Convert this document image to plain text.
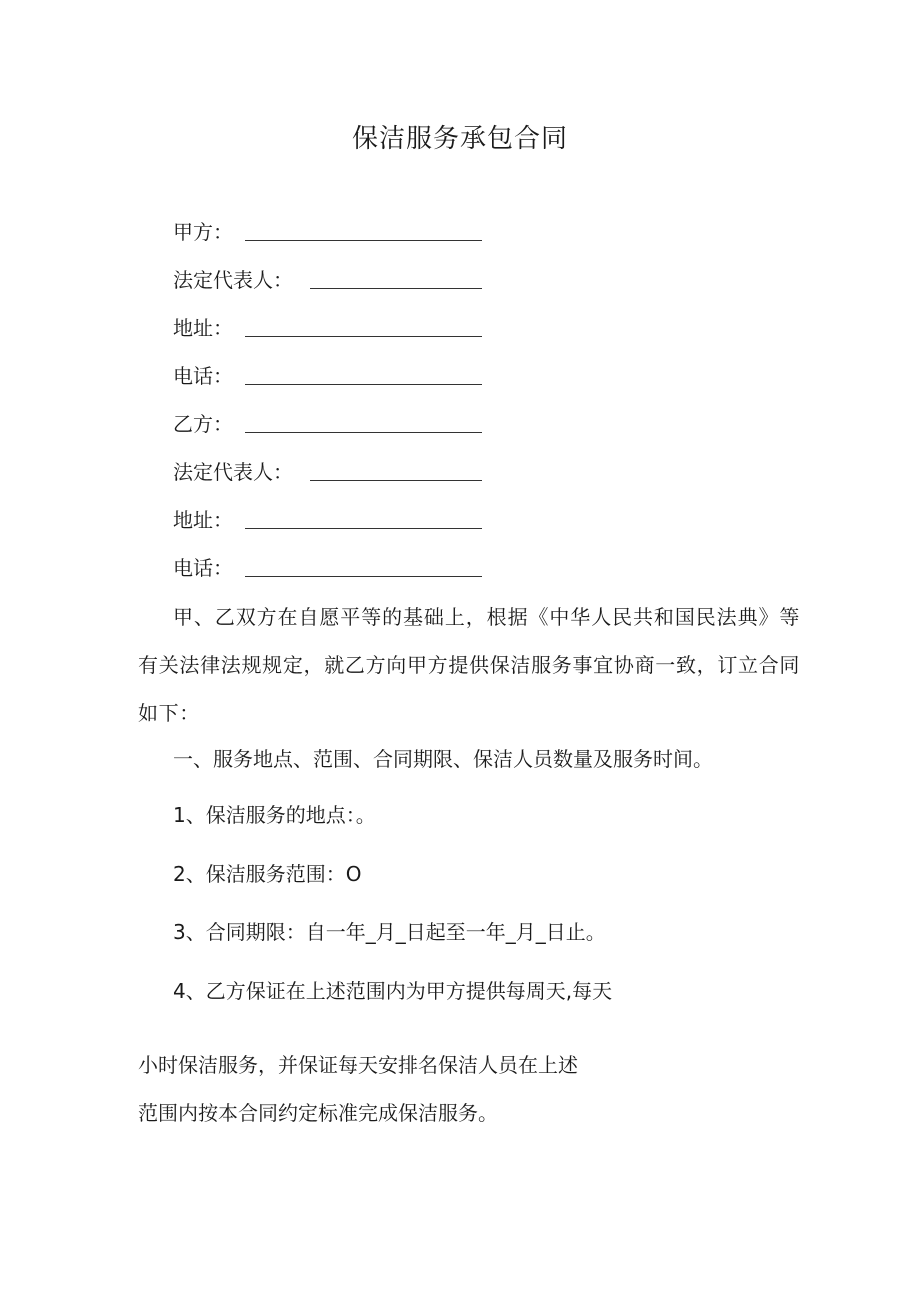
保洁服务承包合同
甲方：
法定代表人：
地址：
电话：
乙方：
法定代表人：
地址：
电话：
甲、乙双方在自愿平等的基础上，根据《中华人民共和国民法典》等有关法律法规规定，就乙方向甲方提供保洁服务事宜协商一致，订立合同如下：
一、服务地点、范围、合同期限、保洁人员数量及服务时间。
1、保洁服务的地点：。
2、保洁服务范围：O
3、合同期限：自一年_月_日起至一年_月_日止。
4、乙方保证在上述范围内为甲方提供每周天,每天
小时保洁服务，并保证每天安排名保洁人员在上述
范围内按本合同约定标准完成保洁服务。
